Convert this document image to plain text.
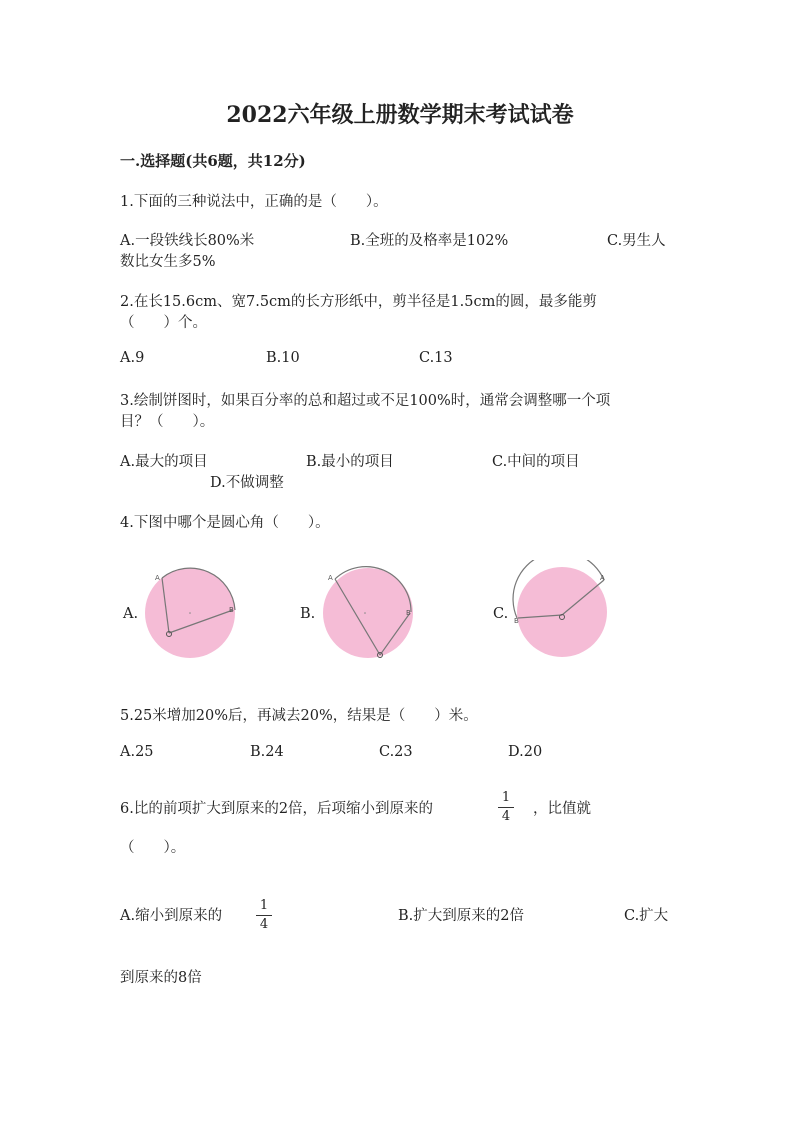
2022六年级上册数学期末考试试卷
一.选择题(共6题，共12分)
1.下面的三种说法中，正确的是（　　）。
A.一段铁线长80%米	B.全班的及格率是102%	C.男生人
数比女生多5%
2.在长15.6cm、宽7.5cm的长方形纸中，剪半径是1.5cm的圆，最多能剪
（　　）个。
A.9	B.10	C.13
3.绘制饼图时，如果百分率的总和超过或不足100%时，通常会调整哪一个项
目？（　　）。
A.最大的项目	B.最小的项目	C.中间的项目
D.不做调整
4.下图中哪个是圆心角（　　）。
A.	B.	C.
A
B
A
B
B
A
5.25米增加20%后，再减去20%，结果是（　　）米。
A.25	B.24	C.23	D.20
6.比的前项扩大到原来的2倍，后项缩小到原来的
1
4 ，比值就
（　　）。
A.缩小到原来的
1
4
B.扩大到原来的2倍	C.扩大
到原来的8倍
